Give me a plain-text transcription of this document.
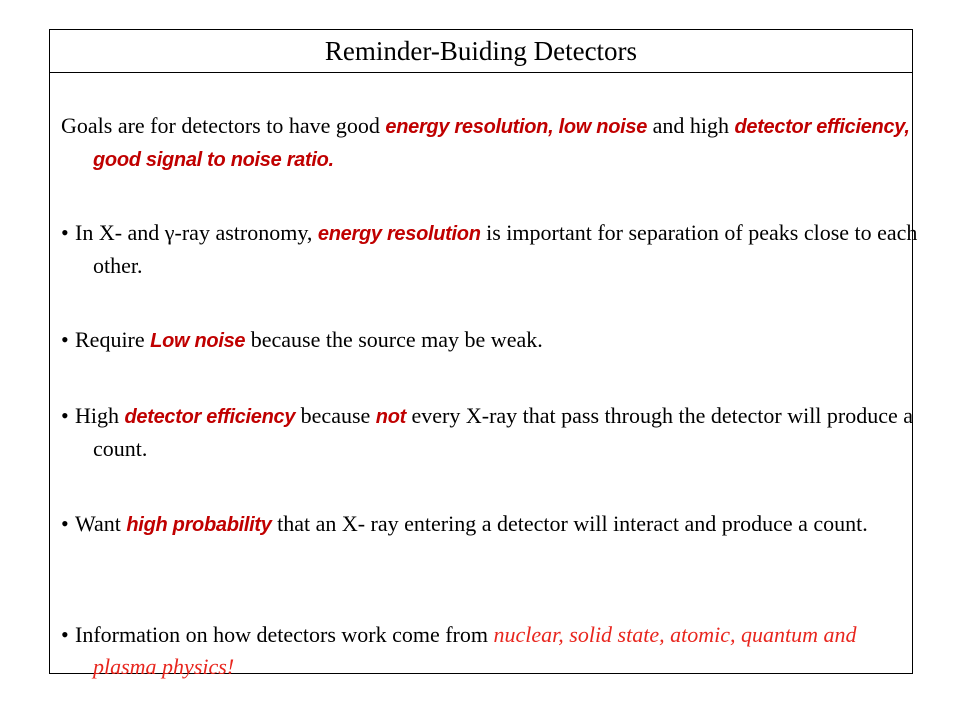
Reminder-Buiding Detectors

Goals are for detectors to have good energy resolution, low noise and high detector efficiency, good signal to noise ratio.

• In X- and γ-ray astronomy, energy resolution is important for separation of peaks close to each other.

• Require Low noise because the source may be weak.

• High detector efficiency because not every X-ray that pass through the detector will produce a count.

• Want high probability that an X- ray entering a detector will interact and produce a count.

• Information on how detectors work come from nuclear, solid state, atomic, quantum and plasma physics!
